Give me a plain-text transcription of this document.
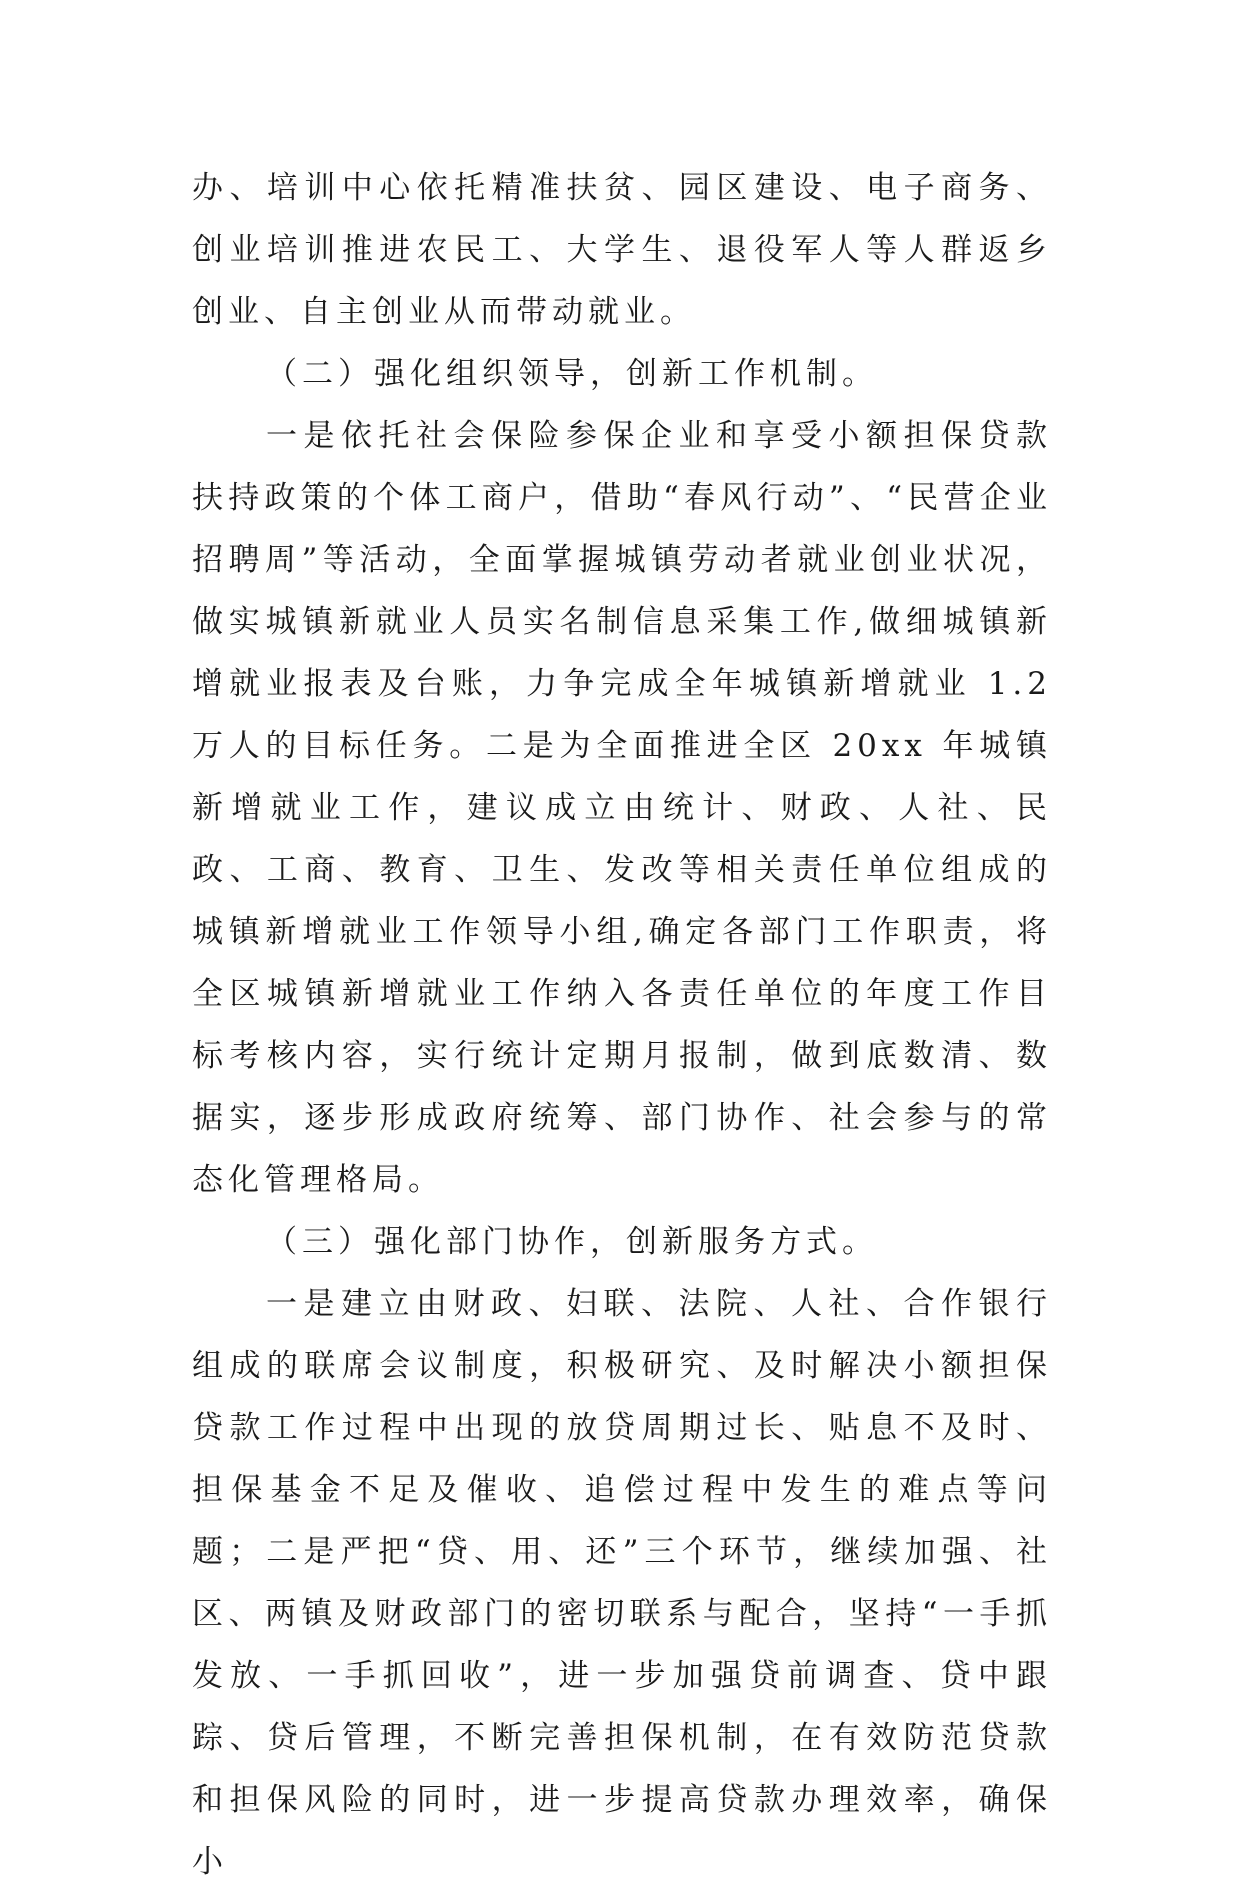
办、培训中心依托精准扶贫、园区建设、电子商务、创业培训推进农民工、大学生、退役军人等人群返乡创业、自主创业从而带动就业。

（二）强化组织领导，创新工作机制。

一是依托社会保险参保企业和享受小额担保贷款扶持政策的个体工商户，借助“春风行动”、“民营企业招聘周”等活动，全面掌握城镇劳动者就业创业状况，做实城镇新就业人员实名制信息采集工作,做细城镇新增就业报表及台账，力争完成全年城镇新增就业 1.2 万人的目标任务。二是为全面推进全区 20xx 年城镇新增就业工作，建议成立由统计、财政、人社、民政、工商、教育、卫生、发改等相关责任单位组成的城镇新增就业工作领导小组,确定各部门工作职责，将全区城镇新增就业工作纳入各责任单位的年度工作目标考核内容，实行统计定期月报制，做到底数清、数据实，逐步形成政府统筹、部门协作、社会参与的常态化管理格局。

（三）强化部门协作，创新服务方式。

一是建立由财政、妇联、法院、人社、合作银行组成的联席会议制度，积极研究、及时解决小额担保贷款工作过程中出现的放贷周期过长、贴息不及时、担保基金不足及催收、追偿过程中发生的难点等问题；二是严把“贷、用、还”三个环节，继续加强、社区、两镇及财政部门的密切联系与配合，坚持“一手抓发放、一手抓回收”，进一步加强贷前调查、贷中跟踪、贷后管理，不断完善担保机制，在有效防范贷款和担保风险的同时，进一步提高贷款办理效率，确保小
